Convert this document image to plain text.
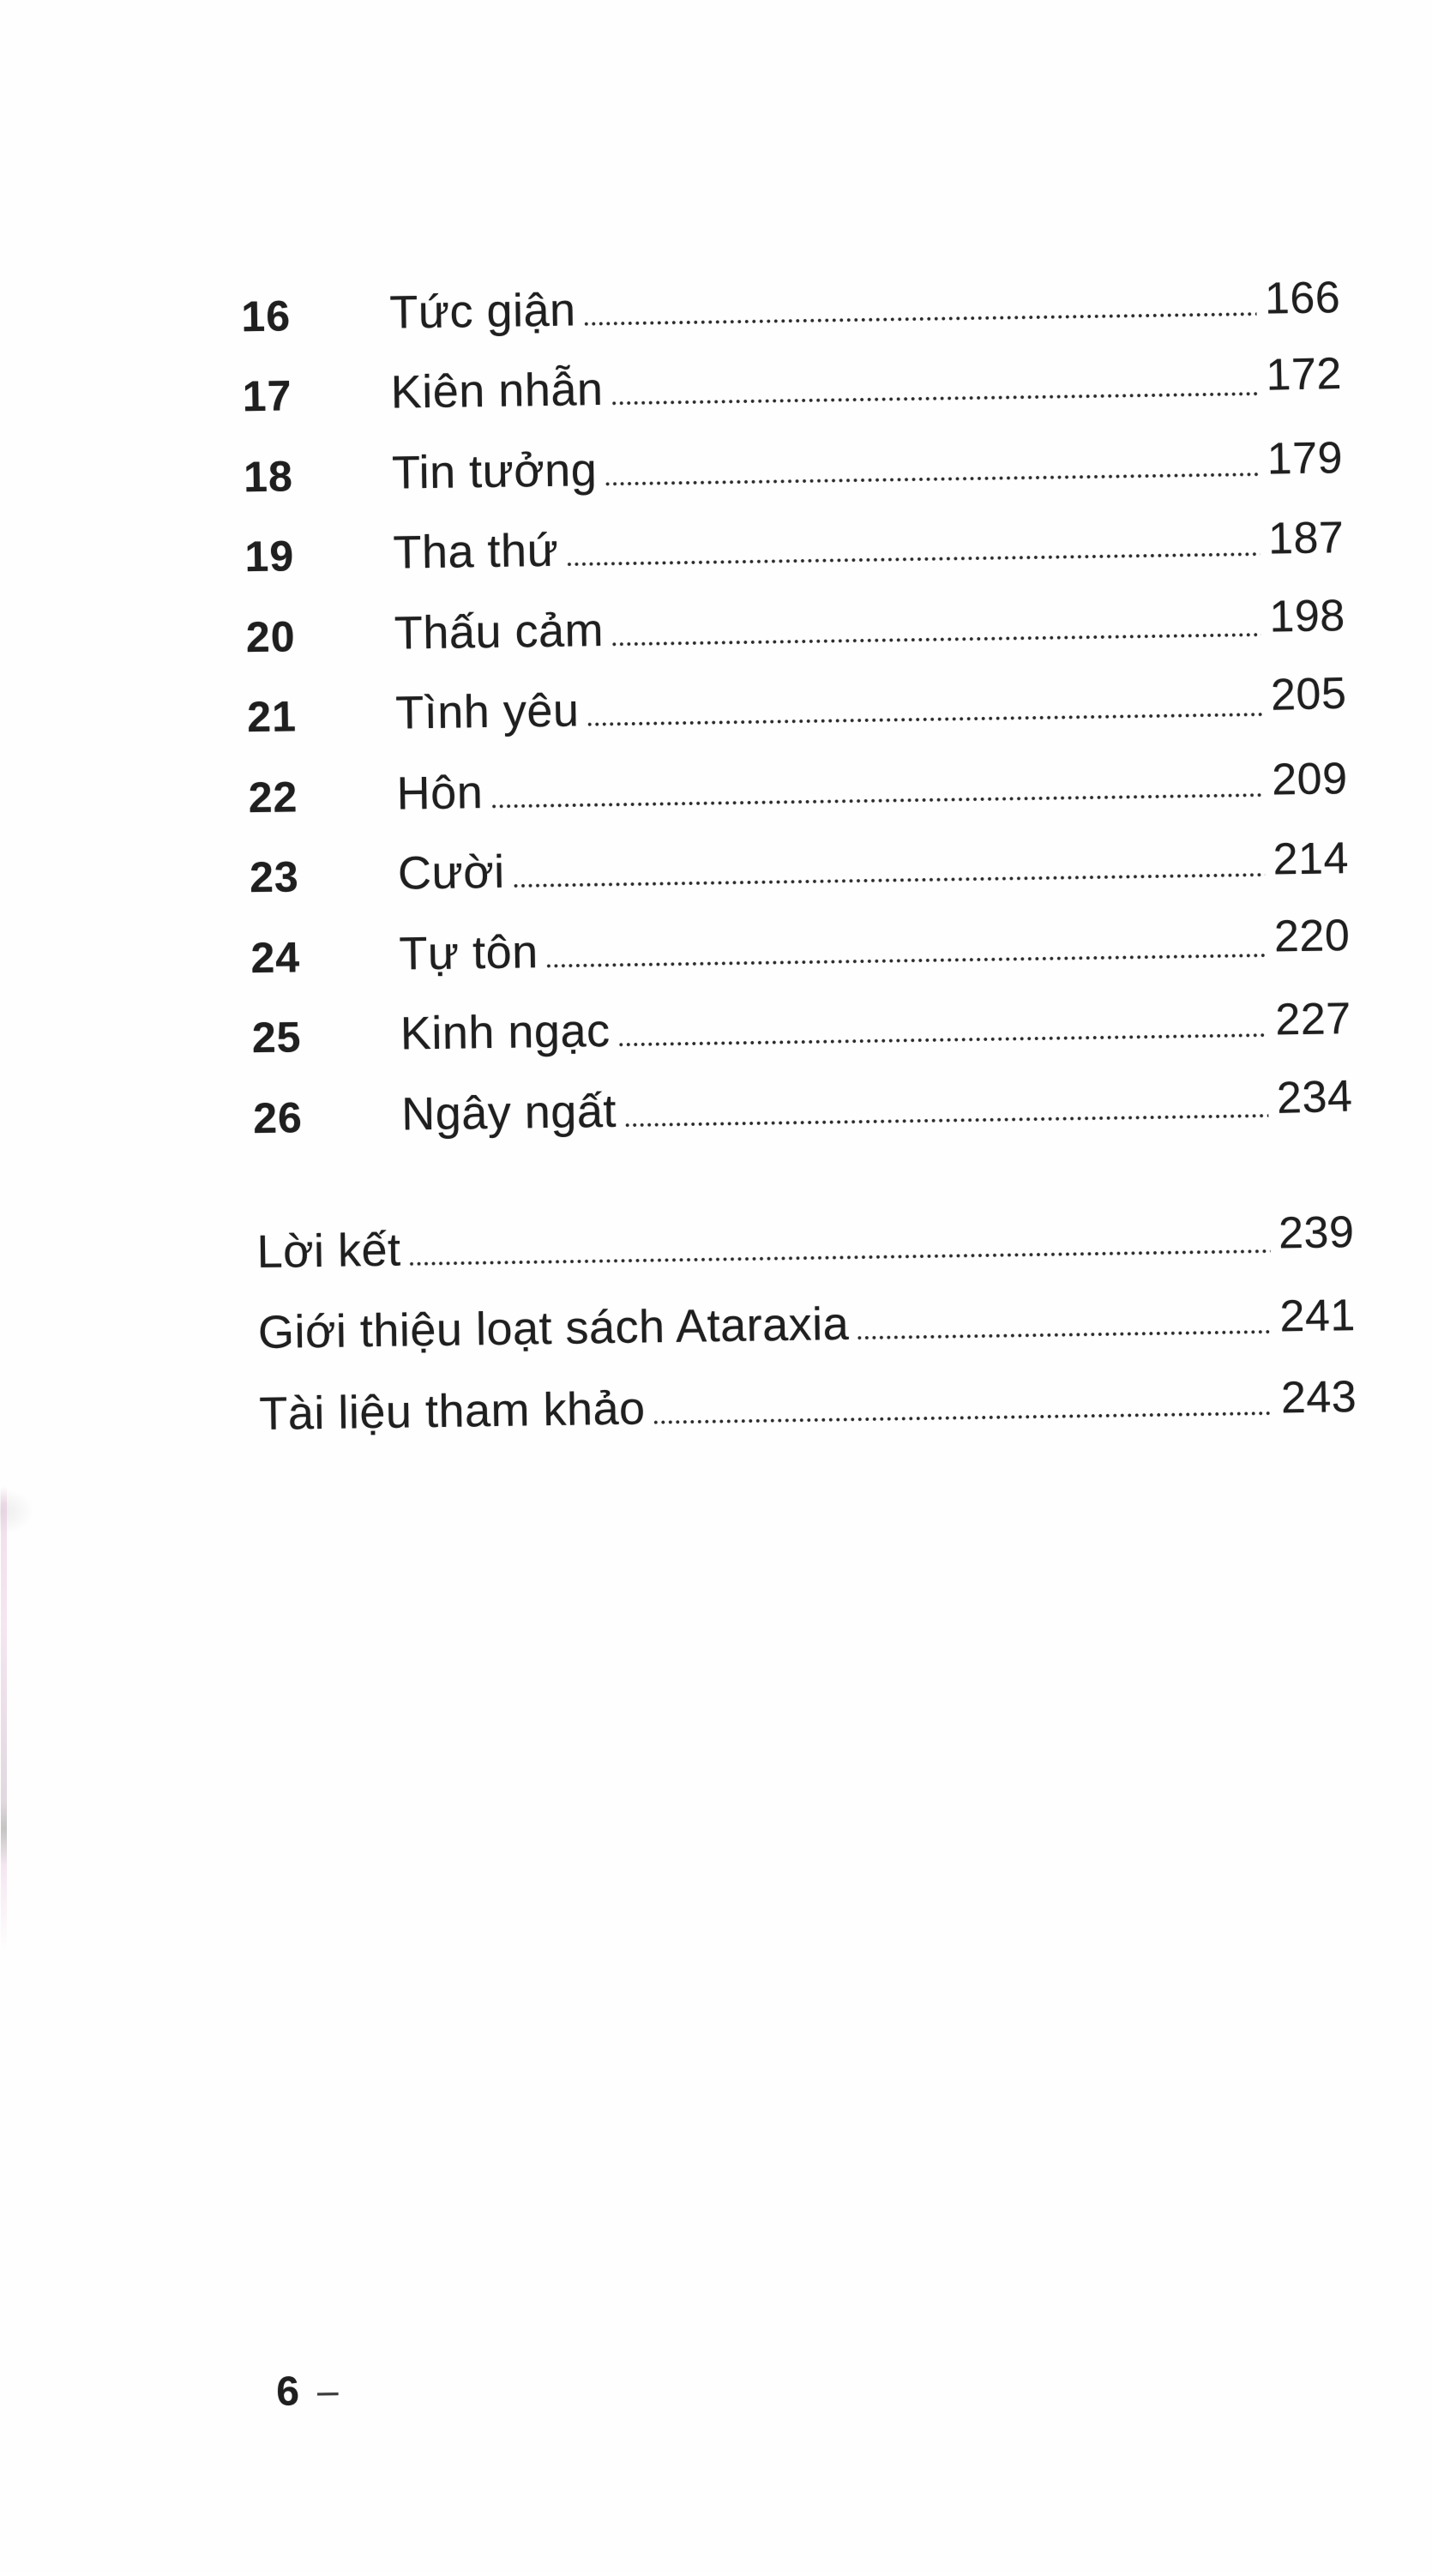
16	Tức giận	166
17	Kiên nhẫn	172
18	Tin tưởng	179
19	Tha thứ	187
20	Thấu cảm	198
21	Tình yêu	205
22	Hôn	209
23	Cười	214
24	Tự tôn	220
25	Kinh ngạc	227
26	Ngây ngất	234
Lời kết	239
Giới thiệu loạt sách Ataraxia	241
Tài liệu tham khảo	243
6 –
